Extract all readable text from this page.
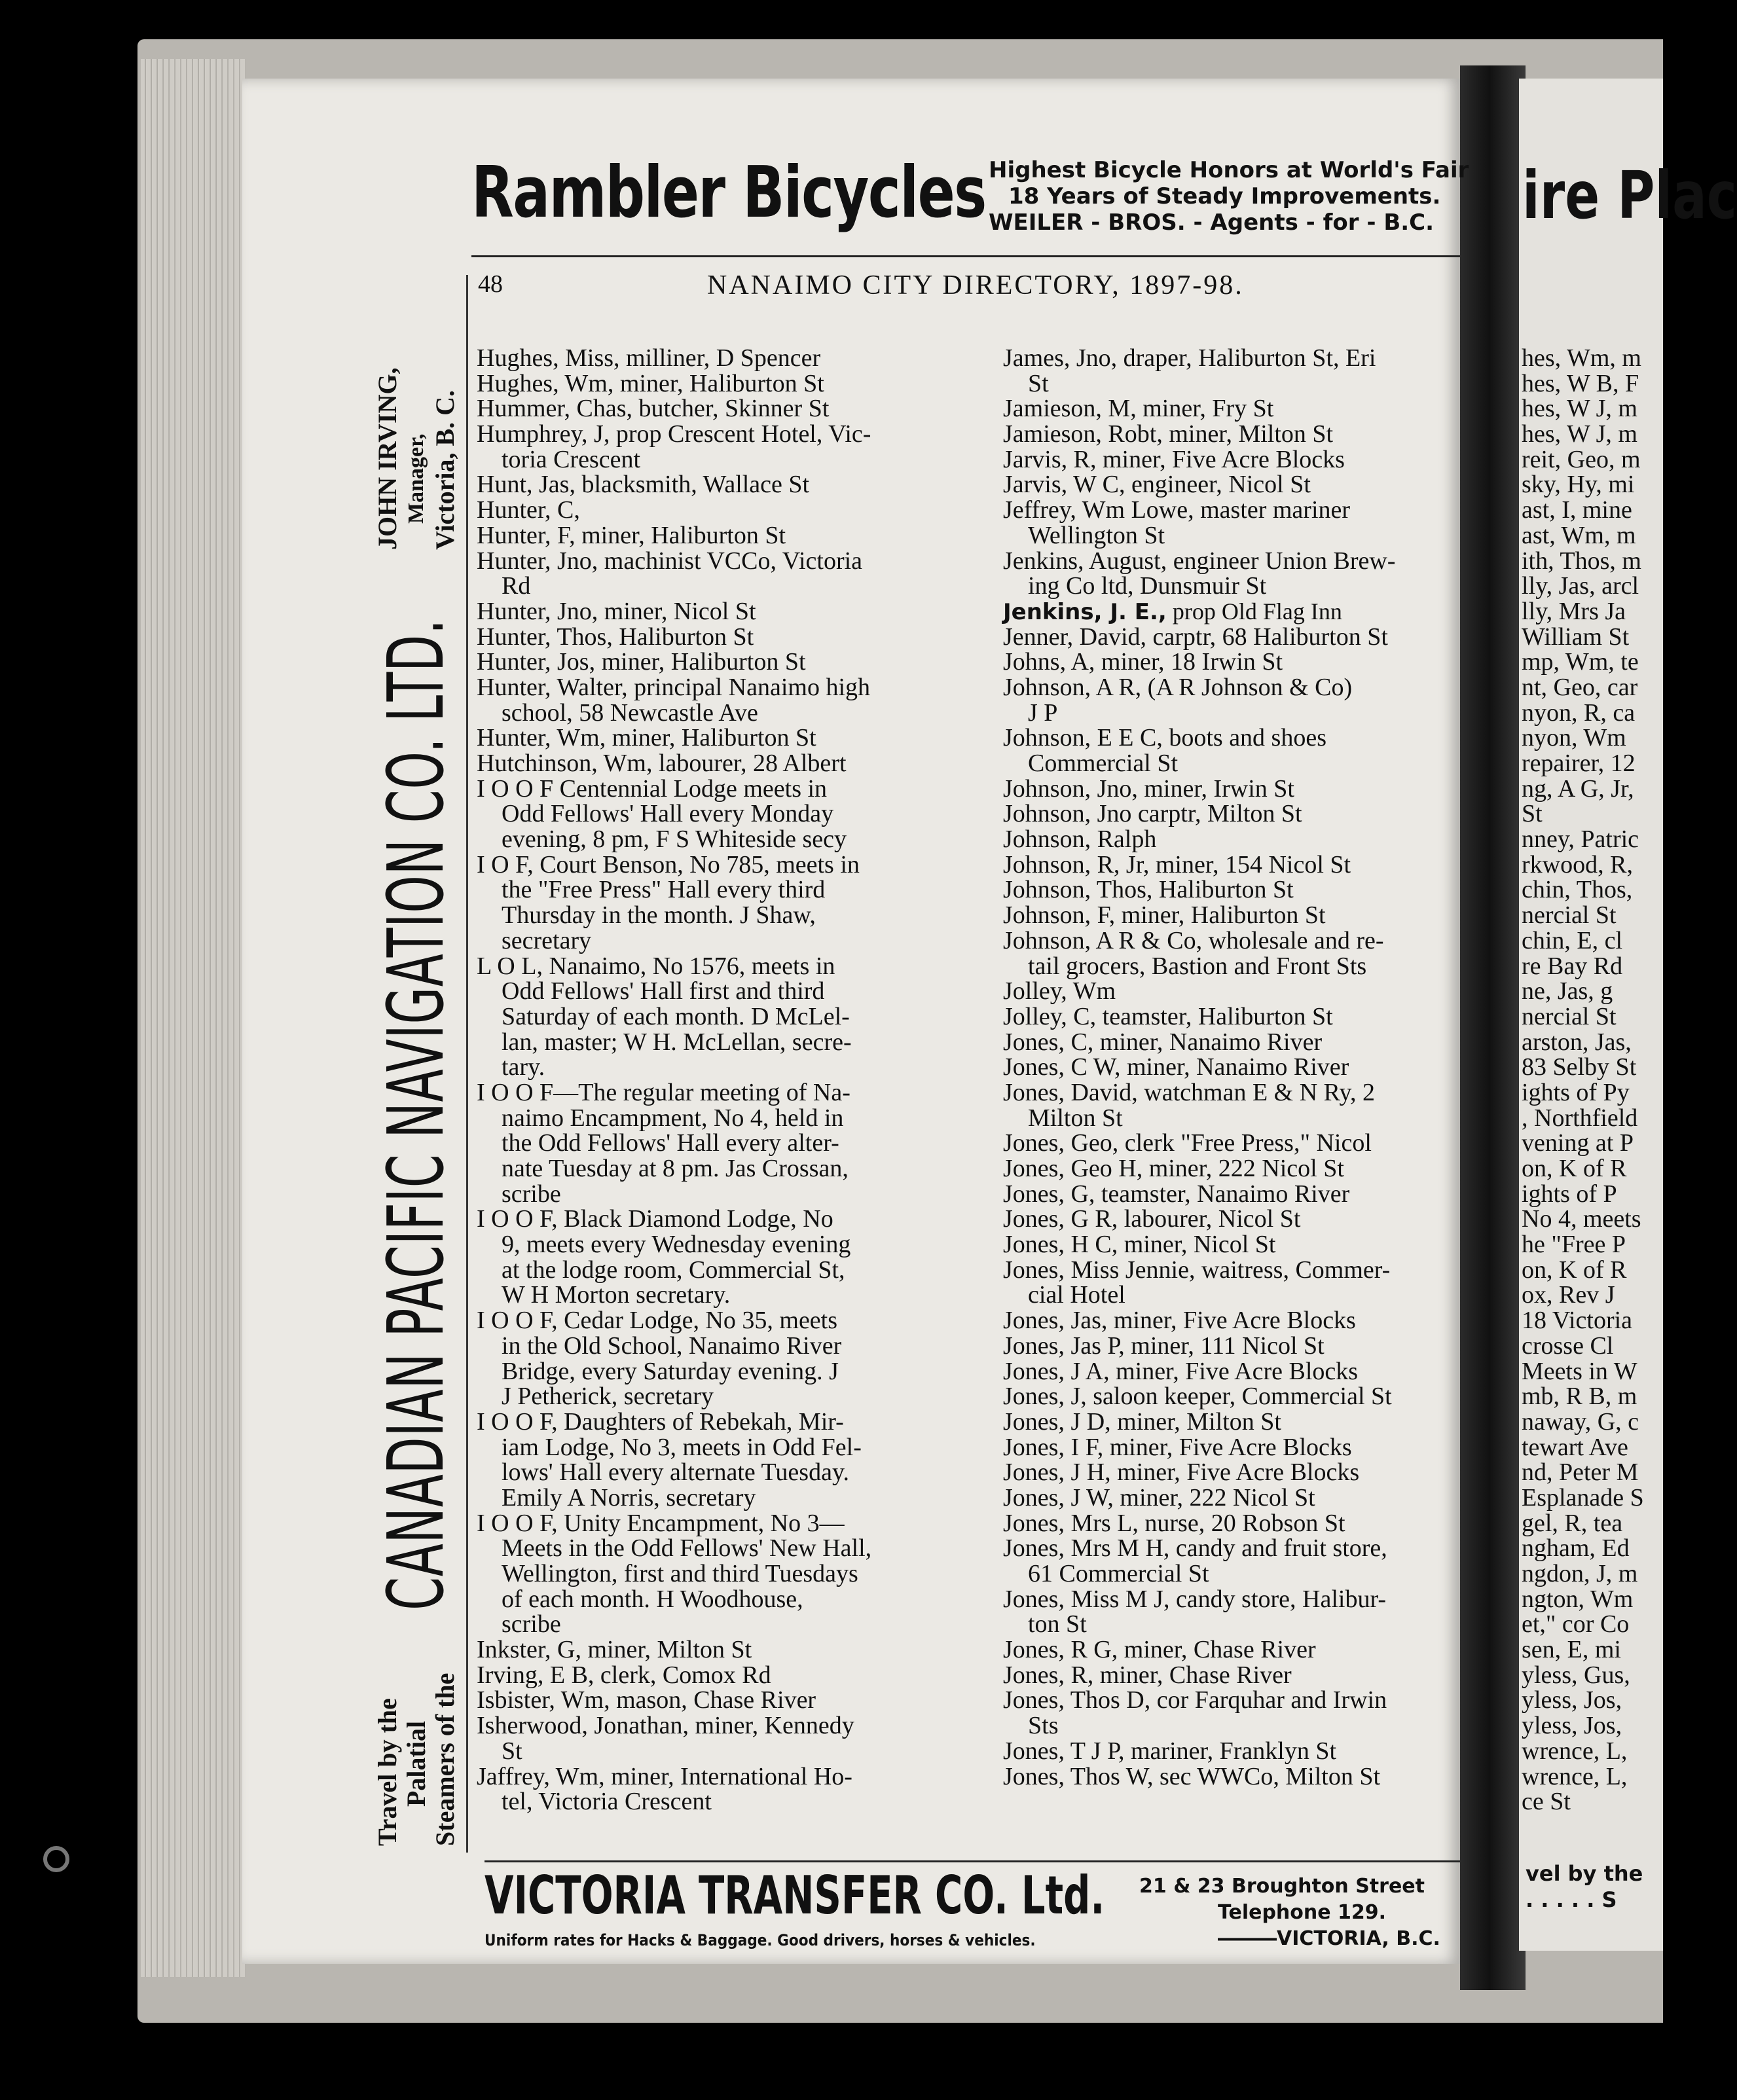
Rambler Bicycles Highest Bicycle Honors at World's Fair
18 Years of Steady Improvements.
WEILER - BROS. - Agents - for - B.C.
48	NANAIMO CITY DIRECTORY, 1897-98.
Travel by the Palatial Steamers of the
CANADIAN PACIFIC NAVIGATION CO. LTD.
JOHN IRVING, Manager, Victoria, B. C.
Hughes, Miss, milliner, D Spencer
Hughes, Wm, miner, Haliburton St
Hummer, Chas, butcher, Skinner St
Humphrey, J, prop Crescent Hotel, Vic-
toria Crescent
Hunt, Jas, blacksmith, Wallace St
Hunter, C,
Hunter, F, miner, Haliburton St
Hunter, Jno, machinist VCCo, Victoria
Rd
Hunter, Jno, miner, Nicol St
Hunter, Thos, Haliburton St
Hunter, Jos, miner, Haliburton St
Hunter, Walter, principal Nanaimo high
school, 58 Newcastle Ave
Hunter, Wm, miner, Haliburton St
Hutchinson, Wm, labourer, 28 Albert
I O O F Centennial Lodge meets in
Odd Fellows' Hall every Monday
evening, 8 pm, F S Whiteside secy
I O F, Court Benson, No 785, meets in
the "Free Press" Hall every third
Thursday in the month. J Shaw,
secretary
L O L, Nanaimo, No 1576, meets in
Odd Fellows' Hall first and third
Saturday of each month. D McLel-
lan, master; W H. McLellan, secre-
tary.
I O O F—The regular meeting of Na-
naimo Encampment, No 4, held in
the Odd Fellows' Hall every alter-
nate Tuesday at 8 pm. Jas Crossan,
scribe
I O O F, Black Diamond Lodge, No
9, meets every Wednesday evening
at the lodge room, Commercial St,
W H Morton secretary.
I O O F, Cedar Lodge, No 35, meets
in the Old School, Nanaimo River
Bridge, every Saturday evening. J
J Petherick, secretary
I O O F, Daughters of Rebekah, Mir-
iam Lodge, No 3, meets in Odd Fel-
lows' Hall every alternate Tuesday.
Emily A Norris, secretary
I O O F, Unity Encampment, No 3—
Meets in the Odd Fellows' New Hall,
Wellington, first and third Tuesdays
of each month. H Woodhouse,
scribe
Inkster, G, miner, Milton St
Irving, E B, clerk, Comox Rd
Isbister, Wm, mason, Chase River
Isherwood, Jonathan, miner, Kennedy
St
Jaffrey, Wm, miner, International Ho-
tel, Victoria Crescent
James, Jno, draper, Haliburton St, Eri
St
Jamieson, M, miner, Fry St
Jamieson, Robt, miner, Milton St
Jarvis, R, miner, Five Acre Blocks
Jarvis, W C, engineer, Nicol St
Jeffrey, Wm Lowe, master mariner
Wellington St
Jenkins, August, engineer Union Brew-
ing Co ltd, Dunsmuir St
Jenkins, J. E., prop Old Flag Inn
Jenner, David, carptr, 68 Haliburton St
Johns, A, miner, 18 Irwin St
Johnson, A R, (A R Johnson & Co)
J P
Johnson, E E C, boots and shoes
Commercial St
Johnson, Jno, miner, Irwin St
Johnson, Jno carptr, Milton St
Johnson, Ralph
Johnson, R, Jr, miner, 154 Nicol St
Johnson, Thos, Haliburton St
Johnson, F, miner, Haliburton St
Johnson, A R & Co, wholesale and re-
tail grocers, Bastion and Front Sts
Jolley, Wm
Jolley, C, teamster, Haliburton St
Jones, C, miner, Nanaimo River
Jones, C W, miner, Nanaimo River
Jones, David, watchman E & N Ry, 2
Milton St
Jones, Geo, clerk "Free Press," Nicol
Jones, Geo H, miner, 222 Nicol St
Jones, G, teamster, Nanaimo River
Jones, G R, labourer, Nicol St
Jones, H C, miner, Nicol St
Jones, Miss Jennie, waitress, Commer-
cial Hotel
Jones, Jas, miner, Five Acre Blocks
Jones, Jas P, miner, 111 Nicol St
Jones, J A, miner, Five Acre Blocks
Jones, J, saloon keeper, Commercial St
Jones, J D, miner, Milton St
Jones, I F, miner, Five Acre Blocks
Jones, J H, miner, Five Acre Blocks
Jones, J W, miner, 222 Nicol St
Jones, Mrs L, nurse, 20 Robson St
Jones, Mrs M H, candy and fruit store,
61 Commercial St
Jones, Miss M J, candy store, Halibur-
ton St
Jones, R G, miner, Chase River
Jones, R, miner, Chase River
Jones, Thos D, cor Farquhar and Irwin
Sts
Jones, T J P, mariner, Franklyn St
Jones, Thos W, sec WWCo, Milton St
VICTORIA TRANSFER CO. Ltd.
Uniform rates for Hacks & Baggage. Good drivers, horses & vehicles.
21 & 23 Broughton Street
Telephone 129.
―――VICTORIA, B.C.
ire Plac
hes, Wm, m
hes, W B, F
hes, W J, m
hes, W J, m
reit, Geo, m
sky, Hy, mi
ast, I, mine
ast, Wm, m
ith, Thos, m
lly, Jas, arcl
lly, Mrs Ja
William St
mp, Wm, te
nt, Geo, car
nyon, R, ca
nyon, Wm
repairer, 12
ng, A G, Jr,
St
nney, Patric
rkwood, R,
chin, Thos,
nercial St
chin, E, cl
re Bay Rd
ne, Jas, g
nercial St
arston, Jas,
83 Selby St
ights of Py
, Northfield
vening at P
on, K of R
ights of P
No 4, meets
he "Free P
on, K of R
ox, Rev J
18 Victoria
crosse Cl
Meets in W
mb, R B, m
naway, G, c
tewart Ave
nd, Peter M
Esplanade S
gel, R, tea
ngham, Ed
ngdon, J, m
ngton, Wm
et," cor Co
sen, E, mi
yless, Gus,
yless, Jos,
yless, Jos,
wrence, L,
wrence, L,
ce St
vel by the
. . . . . S
